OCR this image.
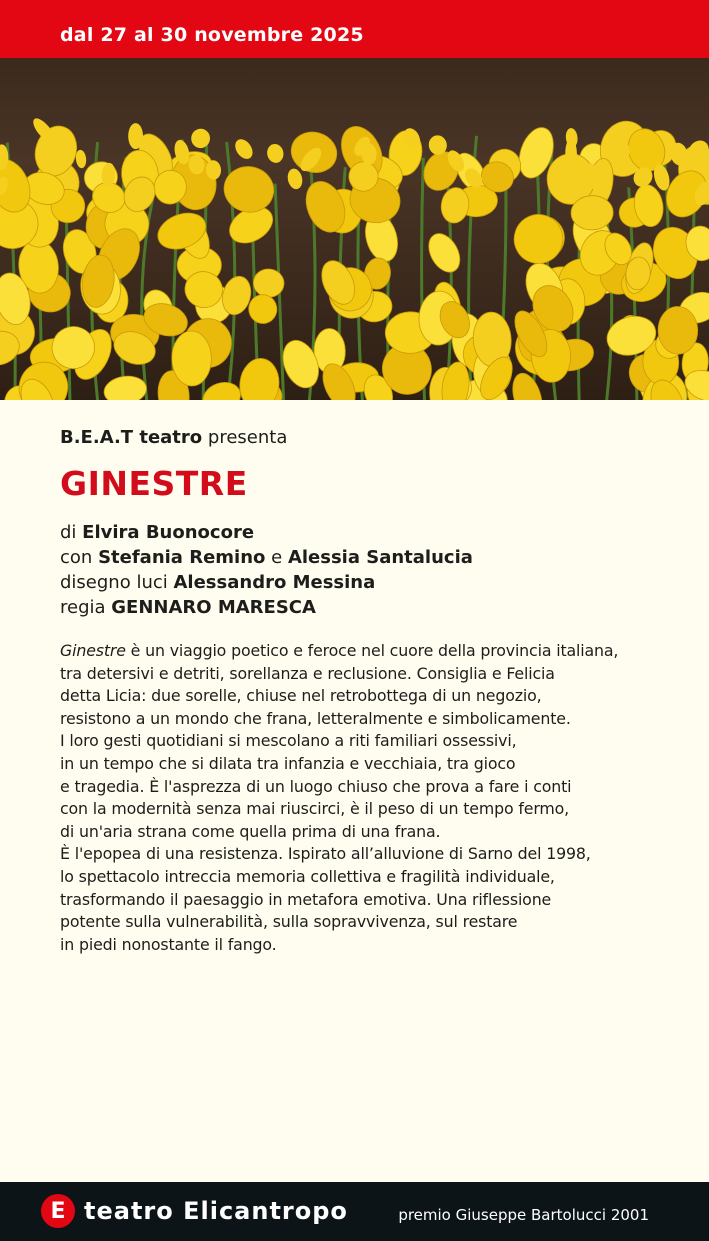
dal 27 al 30 novembre 2025

B.E.A.T teatro presenta

GINESTRE
di Elvira Buonocore
con Stefania Remino e Alessia Santalucia
disegno luci Alessandro Messina
regia GENNARO MARESCA

Ginestre è un viaggio poetico e feroce nel cuore della provincia italiana,
tra detersivi e detriti, sorellanza e reclusione. Consiglia e Felicia
detta Licia: due sorelle, chiuse nel retrobottega di un negozio,
resistono a un mondo che frana, letteralmente e simbolicamente.
I loro gesti quotidiani si mescolano a riti familiari ossessivi,
in un tempo che si dilata tra infanzia e vecchiaia, tra gioco
e tragedia. È l'asprezza di un luogo chiuso che prova a fare i conti
con la modernità senza mai riuscirci, è il peso di un tempo fermo,
di un'aria strana come quella prima di una frana.
È l'epopea di una resistenza. Ispirato all’alluvione di Sarno del 1998,
lo spettacolo intreccia memoria collettiva e fragilità individuale,
trasformando il paesaggio in metafora emotiva. Una riflessione
potente sulla vulnerabilità, sulla sopravvivenza, sul restare
in piedi nonostante il fango.

E teatro Elicantropo	premio Giuseppe Bartolucci 2001
